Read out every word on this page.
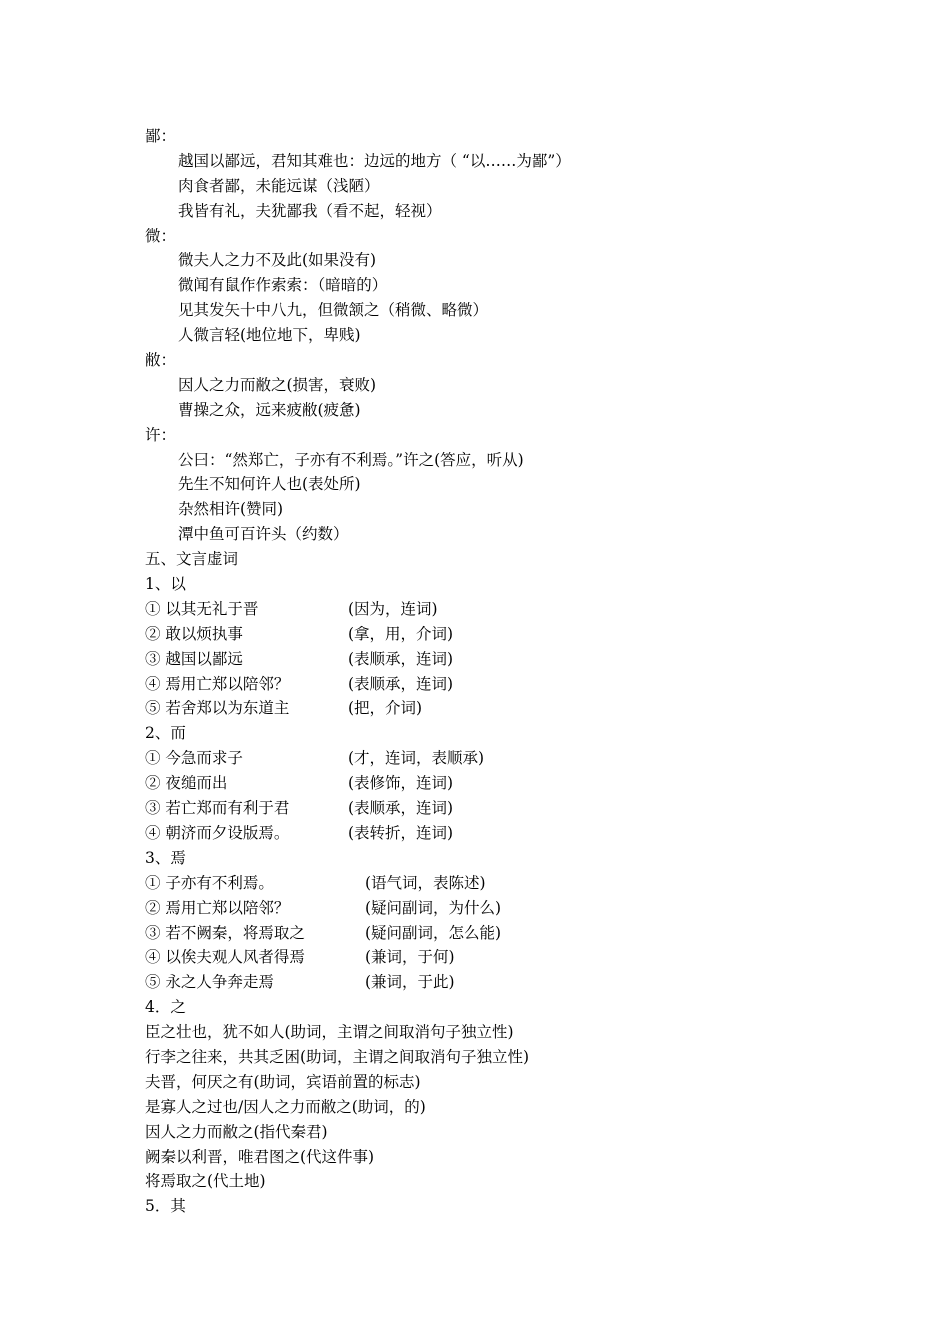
鄙：
越国以鄙远，君知其难也：边远的地方（ “以……为鄙”）
肉食者鄙，未能远谋（浅陋）
我皆有礼，夫犹鄙我（看不起，轻视）
微：
微夫人之力不及此(如果没有)
微闻有鼠作作索索：（暗暗的）
见其发矢十中八九，但微颔之（稍微、略微）
人微言轻(地位地下，卑贱)
敝：
因人之力而敝之(损害，衰败)
曹操之众，远来疲敝(疲惫)
许：
公曰：“然郑亡，子亦有不利焉。”许之(答应，听从)
先生不知何许人也(表处所)
杂然相许(赞同)
潭中鱼可百许头（约数）
五、文言虚词
1、以
① 以其无礼于晋	(因为，连词)
② 敢以烦执事	(拿，用，介词)
③ 越国以鄙远	(表顺承，连词)
④ 焉用亡郑以陪邻？	(表顺承，连词)
⑤ 若舍郑以为东道主	(把，介词)
2、而
① 今急而求子	(才，连词，表顺承)
② 夜缒而出	(表修饰，连词)
③ 若亡郑而有利于君	(表顺承，连词)
④ 朝济而夕设版焉。	(表转折，连词)
3、焉
① 子亦有不利焉。	(语气词，表陈述)
② 焉用亡郑以陪邻？	(疑问副词，为什么)
③ 若不阙秦，将焉取之	(疑问副词，怎么能)
④ 以俟夫观人风者得焉	(兼词，于何)
⑤ 永之人争奔走焉	(兼词，于此)
4．之
臣之壮也，犹不如人(助词，主谓之间取消句子独立性)
行李之往来，共其乏困(助词，主谓之间取消句子独立性)
夫晋，何厌之有(助词，宾语前置的标志)
是寡人之过也/因人之力而敝之(助词，的)
因人之力而敝之(指代秦君)
阙秦以利晋，唯君图之(代这件事)
将焉取之(代土地)
5．其
